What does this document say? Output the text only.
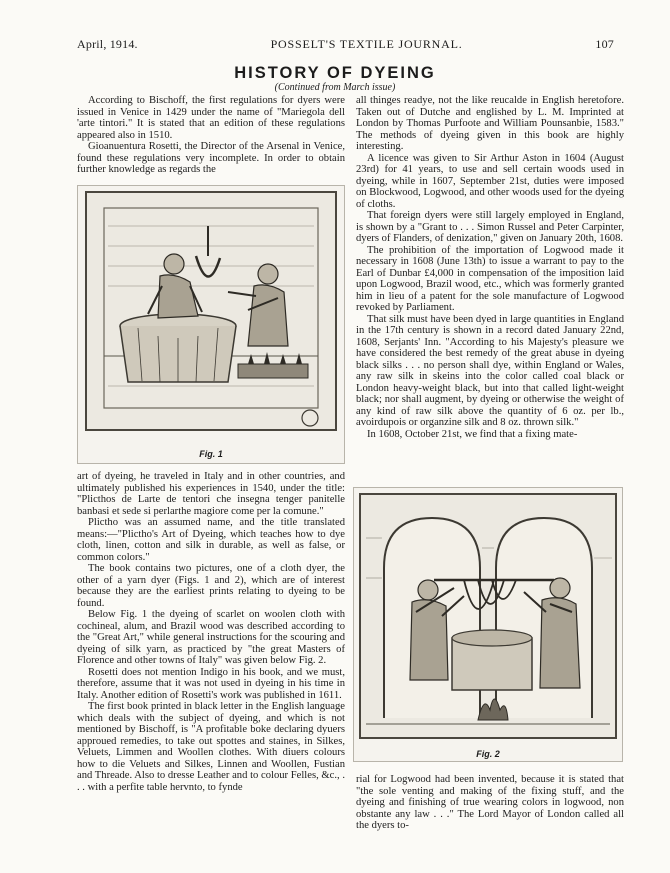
April, 1914.	POSSELT'S TEXTILE JOURNAL.	107
HISTORY OF DYEING
(Continued from March issue)

According to Bischoff, the first regulations for dyers were issued in Venice in 1429 under the name of "Mariegola dell 'arte tintori." It is stated that an edition of these regulations appeared also in 1510.

Gioanuentura Rosetti, the Director of the Arsenal in Venice, found these regulations very incomplete. In order to obtain further knowledge as regards the

Fig. 1

art of dyeing, he traveled in Italy and in other countries, and ultimately published his experiences in 1540, under the title: "Plicthos de Larte de tentori che insegna tenger panitelle banbasi et sede si perlarthe magiore come per la comune."

Plictho was an assumed name, and the title translated means:—"Plictho's Art of Dyeing, which teaches how to dye cloth, linen, cotton and silk in durable, as well as false, or common colors."

The book contains two pictures, one of a cloth dyer, the other of a yarn dyer (Figs. 1 and 2), which are of interest because they are the earliest prints relating to dyeing to be found.

Below Fig. 1 the dyeing of scarlet on woolen cloth with cochineal, alum, and Brazil wood was described according to the "Great Art," while general instructions for the scouring and dyeing of silk yarn, as practiced by "the great Masters of Florence and other towns of Italy" was given below Fig. 2.

Rosetti does not mention Indigo in his book, and we must, therefore, assume that it was not used in dyeing in his time in Italy. Another edition of Rosetti's work was published in 1611.

The first book printed in black letter in the English language which deals with the subject of dyeing, and which is not mentioned by Bischoff, is "A profitable boke declaring dyuers approued remedies, to take out spottes and staines, in Silkes, Veluets, Limmen and Woollen clothes. With diuers colours how to die Veluets and Silkes, Linnen and Woollen, Fustian and Threade. Also to dresse Leather and to colour Felles, &c., . . . with a perfite table hervnto, to fynde

all thinges readye, not the like reucalde in English heretofore. Taken out of Dutche and englished by L. M. Imprinted at London by Thomas Purfoote and William Pounsanbie, 1583." The methods of dyeing given in this book are highly interesting.

A licence was given to Sir Arthur Aston in 1604 (August 23rd) for 41 years, to use and sell certain woods used in dyeing, while in 1607, September 21st, duties were imposed on Blockwood, Logwood, and other woods used for the dyeing of cloths.

That foreign dyers were still largely employed in England, is shown by a "Grant to . . . Simon Russel and Peter Carpinter, dyers of Flanders, of denization," given on January 20th, 1608.

The prohibition of the importation of Logwood made it necessary in 1608 (June 13th) to issue a warrant to pay to the Earl of Dunbar £4,000 in compensation of the imposition laid upon Logwood, Brazil wood, etc., which was formerly granted him in lieu of a patent for the sole manufacture of Logwood revoked by Parliament.

That silk must have been dyed in large quantities in England in the 17th century is shown in a record dated January 22nd, 1608, Serjants' Inn. "According to his Majesty's pleasure we have considered the best remedy of the great abuse in dyeing black silks . . . no person shall dye, within England or Wales, any raw silk in skeins into the color called coal black or London heavy-weight black, but into that called light-weight black; nor shall augment, by dyeing or otherwise the weight of any kind of raw silk above the quantity of 6 oz. per lb., avoirdupois or organzine silk and 8 oz. thrown silk."

In 1608, October 21st, we find that a fixing mate-

Fig. 2

rial for Logwood had been invented, because it is stated that "the sole venting and making of the fixing stuff, and the dyeing and finishing of true wearing colors in logwood, non obstante any law . . ." The Lord Mayor of London called all the dyers to-
